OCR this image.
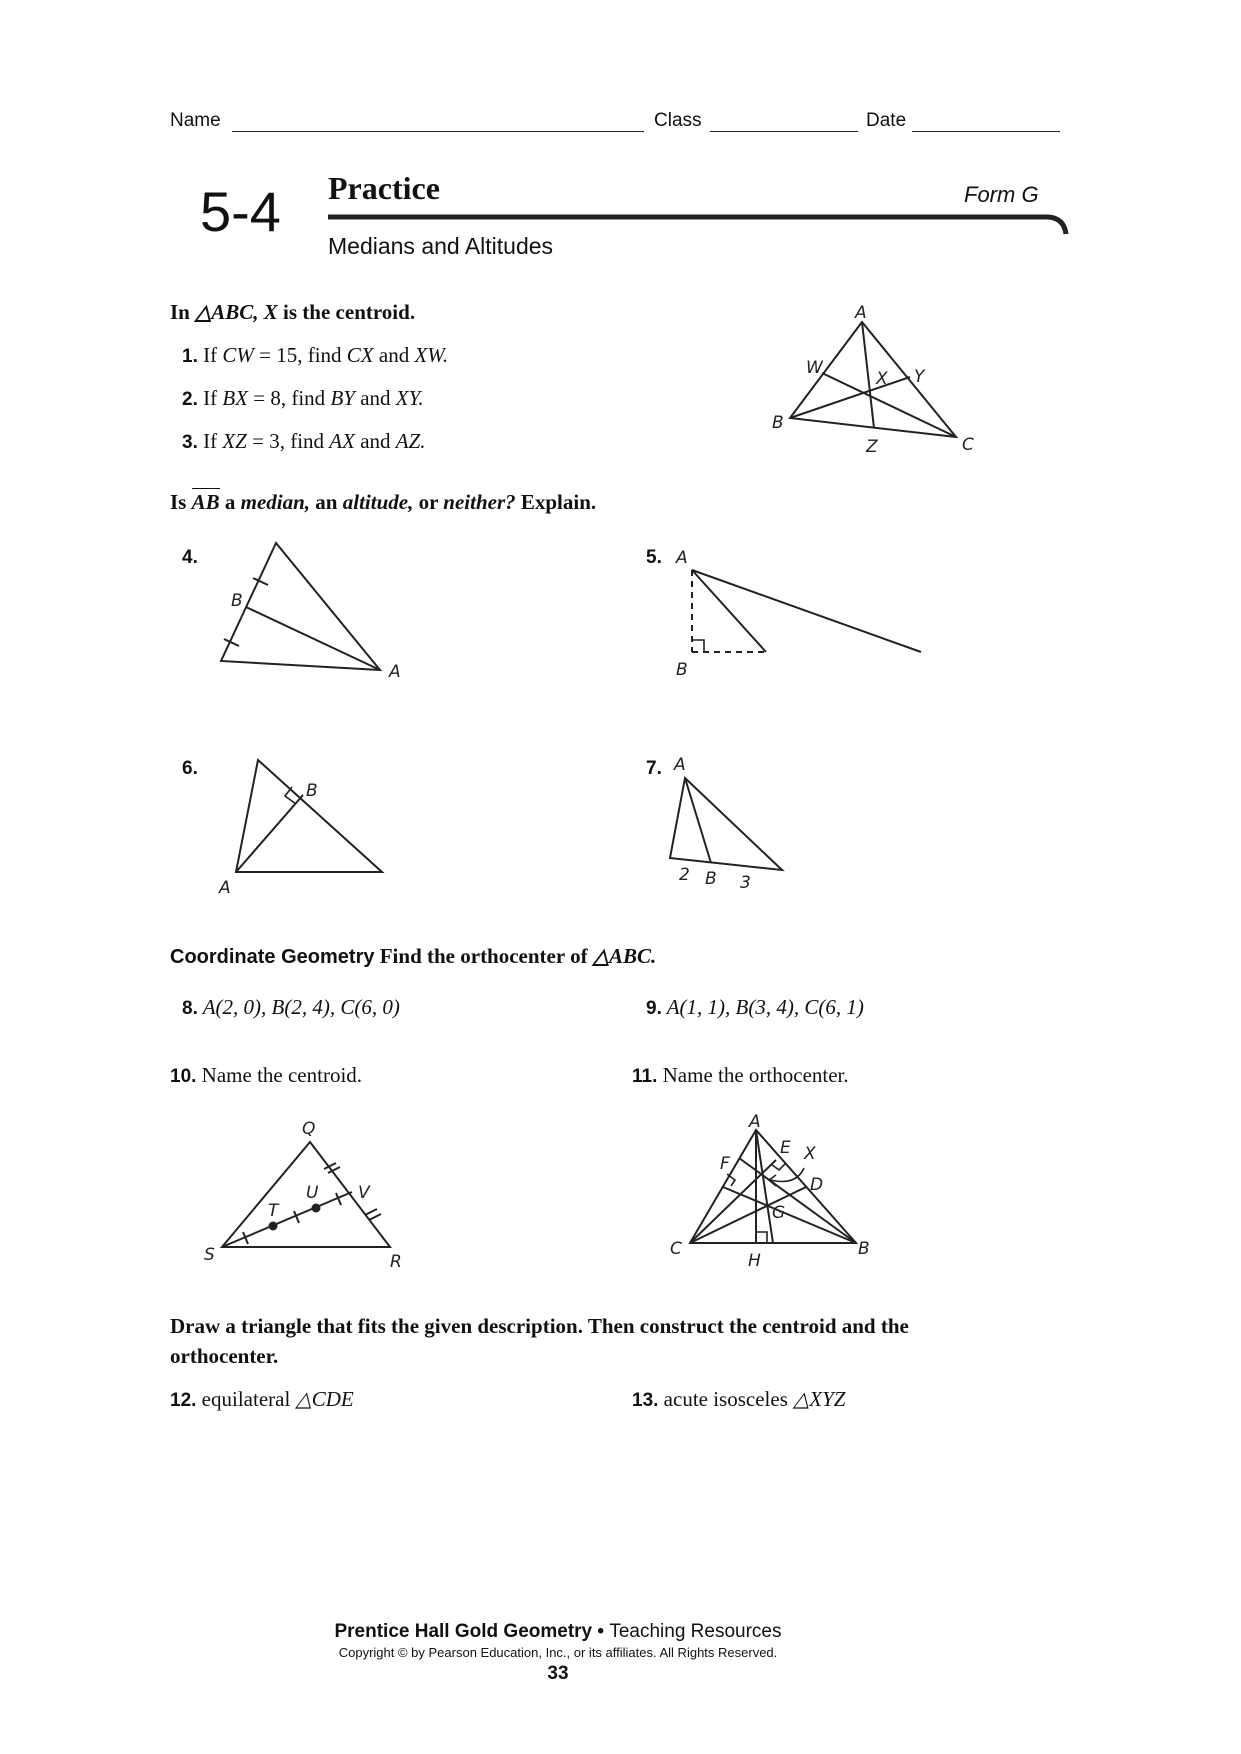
Name	Class	Date
5-4 Practice	Form G
Medians and Altitudes
In △ABC, X is the centroid.
1. If CW = 15, find CX and XW.
2. If BX = 8, find BY and XY.
3. If XZ = 3, find AX and AZ.
A
W
X Y
B
Z	C
Is AB a median, an altitude, or neither? Explain.
4.	5.
6.	7.
B
A
A
B
B
A
A
2 B 3
Coordinate Geometry Find the orthocenter of △ABC.
8. A(2, 0), B(2, 4), C(6, 0)	9. A(1, 1), B(3, 4), C(6, 1)
10. Name the centroid.	11. Name the orthocenter.
Q
U V
T
S	R
A
E X
F
D
G
C
H
B
Draw a triangle that fits the given description. Then construct the centroid and the orthocenter.
12. equilateral △CDE	13. acute isosceles △XYZ
Prentice Hall Gold Geometry • Teaching Resources
Copyright © by Pearson Education, Inc., or its affiliates. All Rights Reserved.
33
